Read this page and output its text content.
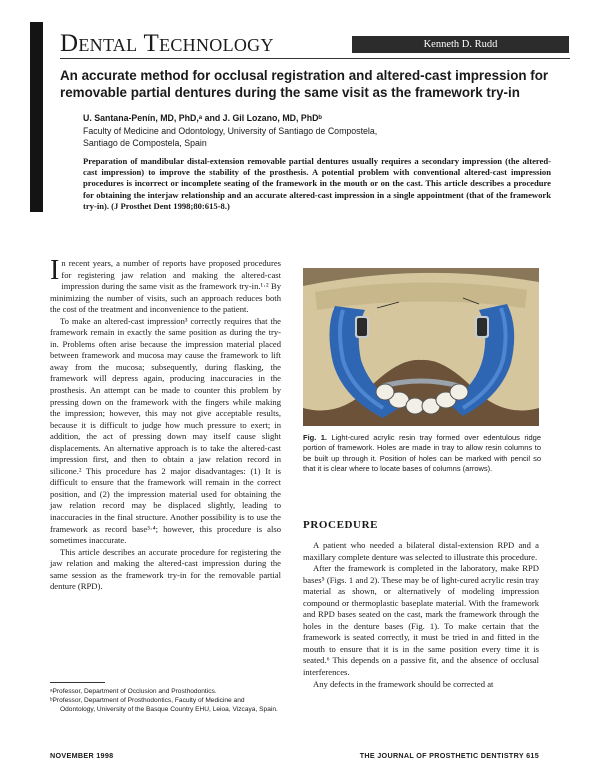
Dental Technology	Kenneth D. Rudd
An accurate method for occlusal registration and altered-cast impression for removable partial dentures during the same visit as the framework try-in
U. Santana-Penín, MD, PhD,ᵃ and J. Gil Lozano, MD, PhDᵇ
Faculty of Medicine and Odontology, University of Santiago de Compostela,
Santiago de Compostela, Spain

Preparation of mandibular distal-extension removable partial dentures usually requires a secondary impression (the altered-cast impression) to improve the stability of the prosthesis. A potential problem with conventional altered-cast impression procedures is incorrect or incomplete seating of the framework in the mouth or on the cast. This article describes a procedure for obtaining the interjaw relationship and an accurate altered-cast impression in a single appointment (that of the framework try-in). (J Prosthet Dent 1998;80:615-8.)

In recent years, a number of reports have proposed procedures for registering jaw relation and making the altered-cast impression during the same visit as the framework try-in.¹·² By minimizing the number of visits, such an approach reduces both the cost of the treatment and inconvenience to the patient.

To make an altered-cast impression³ correctly requires that the framework remain in exactly the same position as during the try-in. Problems often arise because the impression material placed between framework and mucosa may cause the framework to lift away from the mucosa; subsequently, during flasking, the framework will depress again, producing inaccuracies in the prosthesis. An attempt can be made to counter this problem by pressing down on the framework with the fingers while making the impression; however, this may not give acceptable results, because it is difficult to judge how much pressure to exert; in addition, the act of pressing down may itself cause slight displacements. An alternative approach is to take the altered-cast impression first, and then to obtain a jaw relation record in silicone.² This procedure has 2 major disadvantages: (1) It is difficult to ensure that the framework will remain in the correct position, and (2) the impression material used for obtaining the jaw relation record may be displaced slightly, leading to inaccuracies in the final structure. Another possibility is to use the framework as record base³·⁴; however, this procedure is also sometimes inaccurate.

This article describes an accurate procedure for registering the jaw relation and making the altered-cast impression during the same session as the framework try-in for the removable partial denture (RPD).

ᵃProfessor, Department of Occlusion and Prosthodontics.

ᵇProfessor, Department of Prosthodontics, Faculty of Medicine and Odontology, University of the Basque Country EHU, Leioa, Vizcaya, Spain.

Fig. 1. Light-cured acrylic resin tray formed over edentulous ridge portion of framework. Holes are made in tray to allow resin columns to be built up through it. Position of holes can be marked with pencil so that it is clear where to locate bases of columns (arrows).

PROCEDURE

A patient who needed a bilateral distal-extension RPD and a maxillary complete denture was selected to illustrate this procedure.

After the framework is completed in the laboratory, make RPD bases⁵ (Figs. 1 and 2). These may be of light-cured acrylic resin tray material as shown, or alternatively of modeling impression compound or thermoplastic baseplate material. With the framework and RPD bases seated on the cast, mark the framework through the holes in the denture bases (Fig. 1). To make certain that the framework is seated correctly, it must be tried in and fitted in the mouth to ensure that it is in the same position every time it is seated.⁶ This depends on a passive fit, and the absence of occlusal interferences.

Any defects in the framework should be corrected at

NOVEMBER 1998	THE JOURNAL OF PROSTHETIC DENTISTRY 615
